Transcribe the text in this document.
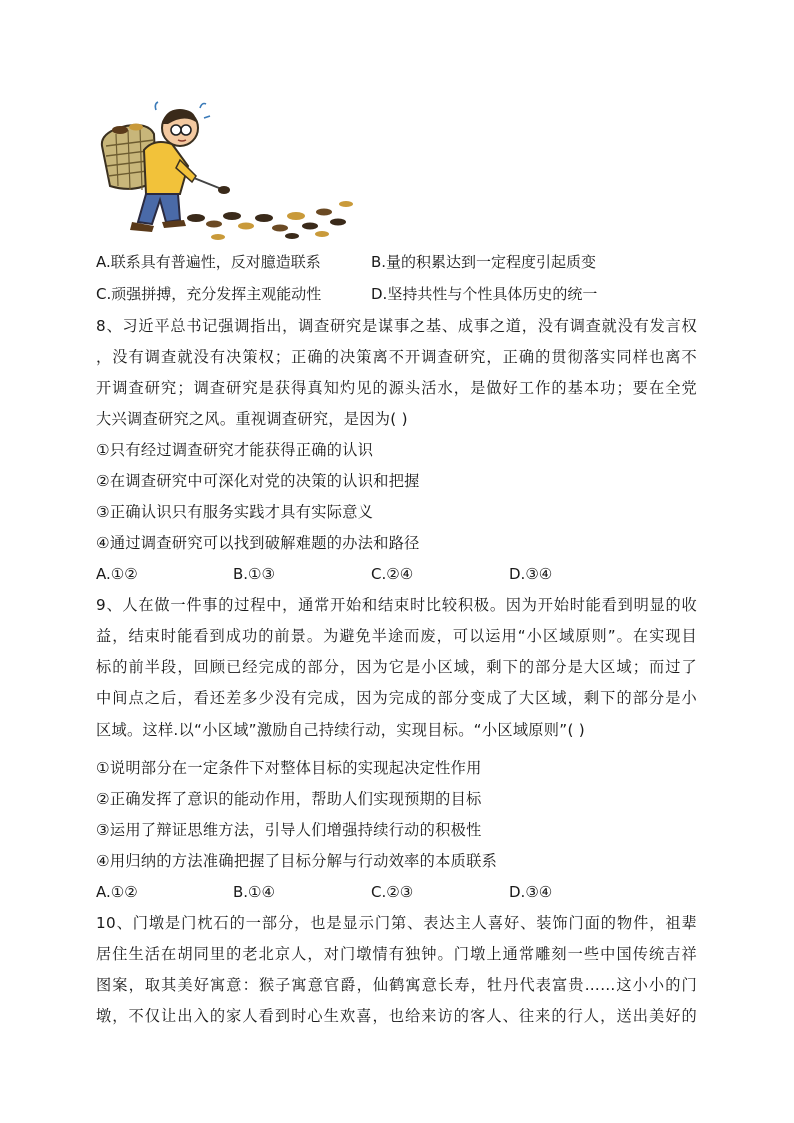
A.联系具有普遍性，反对臆造联系	B.量的积累达到一定程度引起质变
C.顽强拼搏，充分发挥主观能动性	D.坚持共性与个性具体历史的统一
8、习近平总书记强调指出，调查研究是谋事之基、成事之道，没有调查就没有发言权
，没有调查就没有决策权；正确的决策离不开调查研究，正确的贯彻落实同样也离不
开调查研究；调查研究是获得真知灼见的源头活水，是做好工作的基本功；要在全党
大兴调查研究之风。重视调查研究，是因为( )
①只有经过调查研究才能获得正确的认识
②在调查研究中可深化对党的决策的认识和把握
③正确认识只有服务实践才具有实际意义
④通过调查研究可以找到破解难题的办法和路径
A.①②	B.①③	C.②④	D.③④
9、人在做一件事的过程中，通常开始和结束时比较积极。因为开始时能看到明显的收
益，结束时能看到成功的前景。为避免半途而废，可以运用“小区域原则”。在实现目
标的前半段，回顾已经完成的部分，因为它是小区域，剩下的部分是大区域；而过了
中间点之后，看还差多少没有完成，因为完成的部分变成了大区域，剩下的部分是小
区域。这样.以“小区域”激励自己持续行动，实现目标。“小区域原则”( )
①说明部分在一定条件下对整体目标的实现起决定性作用
②正确发挥了意识的能动作用，帮助人们实现预期的目标
③运用了辩证思维方法，引导人们增强持续行动的积极性
④用归纳的方法准确把握了目标分解与行动效率的本质联系
A.①②	B.①④	C.②③	D.③④
10、门墩是门枕石的一部分，也是显示门第、表达主人喜好、装饰门面的物件，祖辈
居住生活在胡同里的老北京人，对门墩情有独钟。门墩上通常雕刻一些中国传统吉祥
图案，取其美好寓意：猴子寓意官爵，仙鹤寓意长寿，牡丹代表富贵……这小小的门
墩，不仅让出入的家人看到时心生欢喜，也给来访的客人、往来的行人，送出美好的
